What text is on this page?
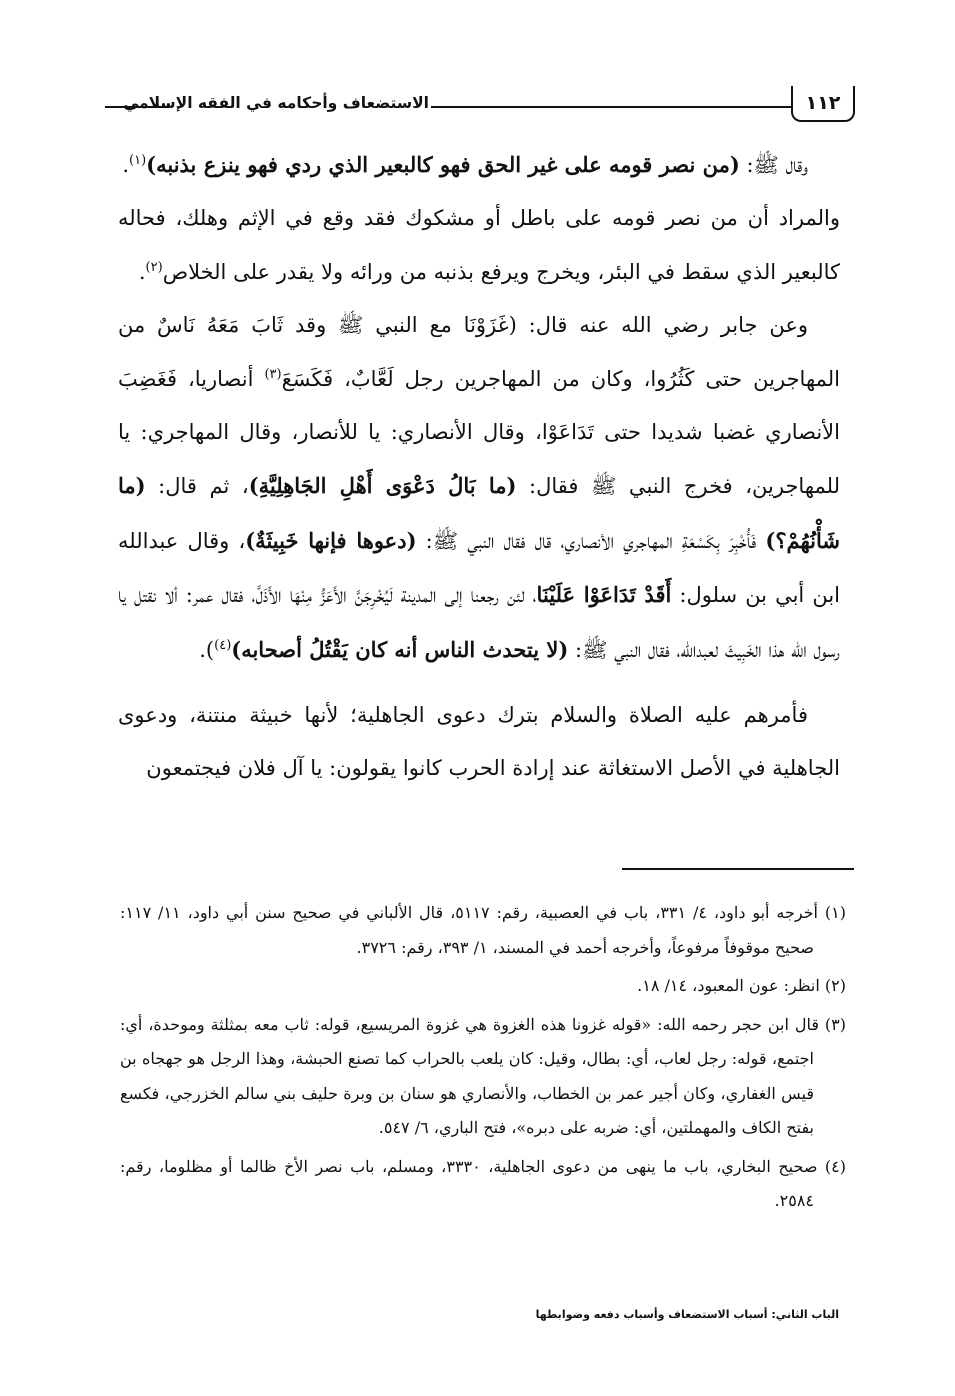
الاستضعاف وأحكامه في الفقه الإسلامي	١١٢

وقال ﷺ: (من نصر قومه على غير الحق فهو كالبعير الذي ردي فهو ينزع بذنبه)$^{(١)}$.

والمراد أن من نصر قومه على باطل أو مشكوك فقد وقع في الإثم وهلك، فحاله كالبعير الذي سقط في البئر، ويخرج ويرفع بذنبه من ورائه ولا يقدر على الخلاص$^{(٢)}$.

وعن جابر رضي الله عنه قال: (غَزَوْنَا مع النبي ﷺ وقد ثَابَ مَعَهُ نَاسٌ من المهاجرين حتى كَثُرُوا، وكان من المهاجرين رجل لَعَّابٌ، فَكَسَعَ$^{(٣)}$ أنصاريا، فَغَضِبَ الأنصاري غضبا شديدا حتى تَدَاعَوْا، وقال الأنصاري: يا للأنصار، وقال المهاجري: يا للمهاجرين، فخرج النبي ﷺ فقال: (ما بَالُ دَعْوَى أَهْلِ الجَاهِلِيَّةِ)، ثم قال: (ما شَأْنُهُمْ؟) فَأُخْبِرَ بِكَسْعَةِ المهاجري الأنصاري، قال فقال النبي ﷺ: (دعوها فإنها خَبِيثَةٌ)، وقال عبدالله ابن أبي بن سلول: أَقَدْ تَدَاعَوْا عَلَيْنَا، لئن رجعنا إلى المدينة لَيُخْرِجَنَّ الأَعَزُّ مِنْهَا الأَذَلَّ، فقال عمر: ألا نقتل يا رسول الله هذا الخَبِيثَ لعبدالله، فقال النبي ﷺ: (لا يتحدث الناس أنه كان يَقْتُلُ أصحابه)$^{(٤)}$).

فأمرهم عليه الصلاة والسلام بترك دعوى الجاهلية؛ لأنها خبيثة منتنة، ودعوى الجاهلية في الأصل الاستغاثة عند إرادة الحرب كانوا يقولون: يا آل فلان فيجتمعون

(١) أخرجه أبو داود، ٤/ ٣٣١، باب في العصبية، رقم: ٥١١٧، قال الألباني في صحيح سنن أبي داود، ١١/ ١١٧: صحيح موقوفاً مرفوعاً، وأخرجه أحمد في المسند، ١/ ٣٩٣، رقم: ٣٧٢٦.

(٢) انظر: عون المعبود، ١٤/ ١٨.

(٣) قال ابن حجر رحمه الله: «قوله غزونا هذه الغزوة هي غزوة المريسيع، قوله: ثاب معه بمثلثة وموحدة، أي: اجتمع، قوله: رجل لعاب، أي: بطال، وقيل: كان يلعب بالحراب كما تصنع الحبشة، وهذا الرجل هو جهجاه بن قيس الغفاري، وكان أجير عمر بن الخطاب، والأنصاري هو سنان بن وبرة حليف بني سالم الخزرجي، فكسع بفتح الكاف والمهملتين، أي: ضربه على دبره»، فتح الباري، ٦/ ٥٤٧.

(٤) صحيح البخاري، باب ما ينهى من دعوى الجاهلية، ٣٣٣٠، ومسلم، باب نصر الأخ ظالما أو مظلوما، رقم: ٢٥٨٤.

الباب الثاني: أسباب الاستضعاف وأسباب دفعه وضوابطها
